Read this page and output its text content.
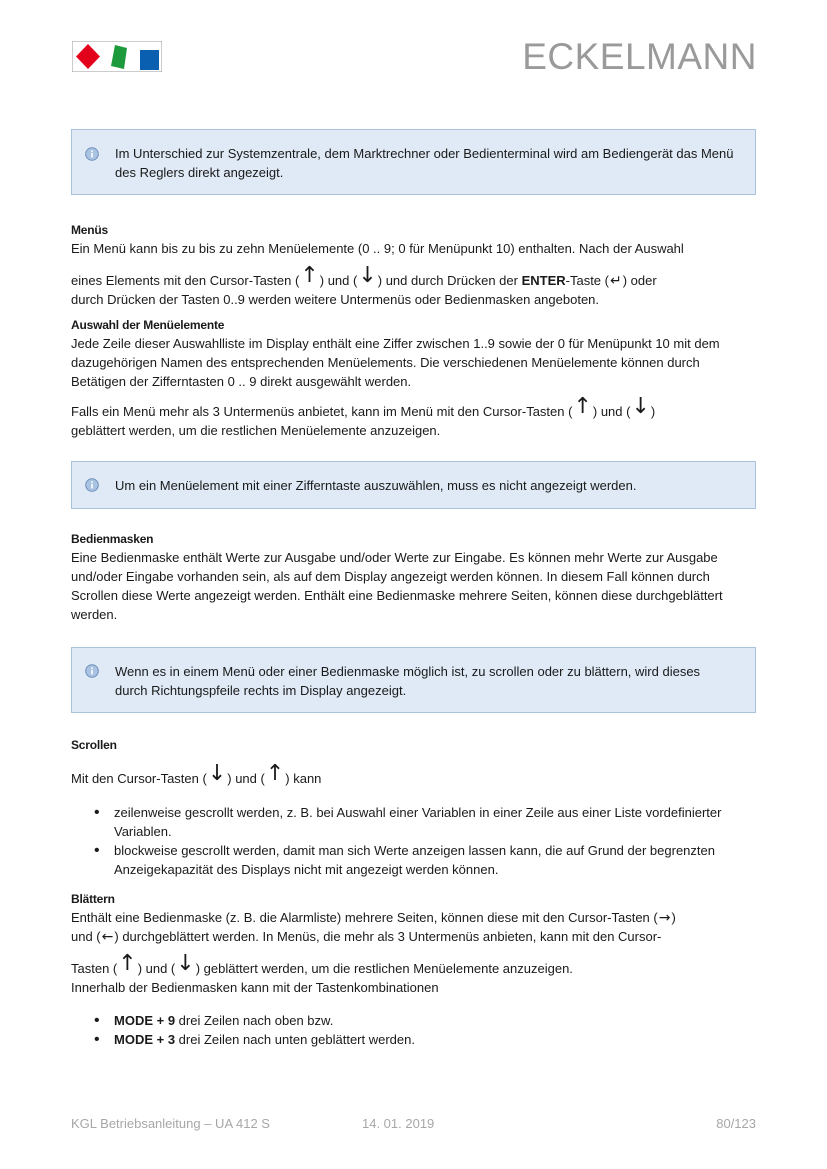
ECKELMANN
Im Unterschied zur Systemzentrale, dem Marktrechner oder Bedienterminal wird am Bediengerät das Menü des Reglers direkt angezeigt.
Menüs

Ein Menü kann bis zu bis zu zehn Menüelemente (0 .. 9; 0 für Menüpunkt 10) enthalten. Nach der Auswahl

eines Elements mit den Cursor-Tasten (↑) und (↓) und durch Drücken der ENTER-Taste (↵) oder

durch Drücken der Tasten 0..9 werden weitere Untermenüs oder Bedienmasken angeboten.

Auswahl der Menüelemente

Jede Zeile dieser Auswahlliste im Display enthält eine Ziffer zwischen 1..9 sowie der 0 für Menüpunkt 10 mit dem dazugehörigen Namen des entsprechenden Menüelements. Die verschiedenen Menüelemente können durch Betätigen der Zifferntasten 0 .. 9 direkt ausgewählt werden.

Falls ein Menü mehr als 3 Untermenüs anbietet, kann im Menü mit den Cursor-Tasten (↑) und (↓)

geblättert werden, um die restlichen Menüelemente anzuzeigen.

Um ein Menüelement mit einer Zifferntaste auszuwählen, muss es nicht angezeigt werden.
Bedienmasken

Eine Bedienmaske enthält Werte zur Ausgabe und/oder Werte zur Eingabe. Es können mehr Werte zur Ausgabe und/oder Eingabe vorhanden sein, als auf dem Display angezeigt werden können. In diesem Fall können durch Scrollen diese Werte angezeigt werden. Enthält eine Bedienmaske mehrere Seiten, können diese durchgeblättert werden.

Wenn es in einem Menü oder einer Bedienmaske möglich ist, zu scrollen oder zu blättern, wird dieses durch Richtungspfeile rechts im Display angezeigt.
Scrollen

Mit den Cursor-Tasten (↓) und (↑) kann

• zeilenweise gescrollt werden, z. B. bei Auswahl einer Variablen in einer Zeile aus einer Liste vordefinierter Variablen.
• blockweise gescrollt werden, damit man sich Werte anzeigen lassen kann, die auf Grund der begrenzten Anzeigekapazität des Displays nicht mit angezeigt werden können.
Blättern

Enthält eine Bedienmaske (z. B. die Alarmliste) mehrere Seiten, können diese mit den Cursor-Tasten (→)

und (←) durchgeblättert werden. In Menüs, die mehr als 3 Untermenüs anbieten, kann mit den Cursor-

Tasten (↑) und (↓) geblättert werden, um die restlichen Menüelemente anzuzeigen.

Innerhalb der Bedienmasken kann mit der Tastenkombinationen

• MODE + 9 drei Zeilen nach oben bzw.
• MODE + 3 drei Zeilen nach unten geblättert werden.
KGL Betriebsanleitung – UA 412 S	14. 01. 2019	80/123
